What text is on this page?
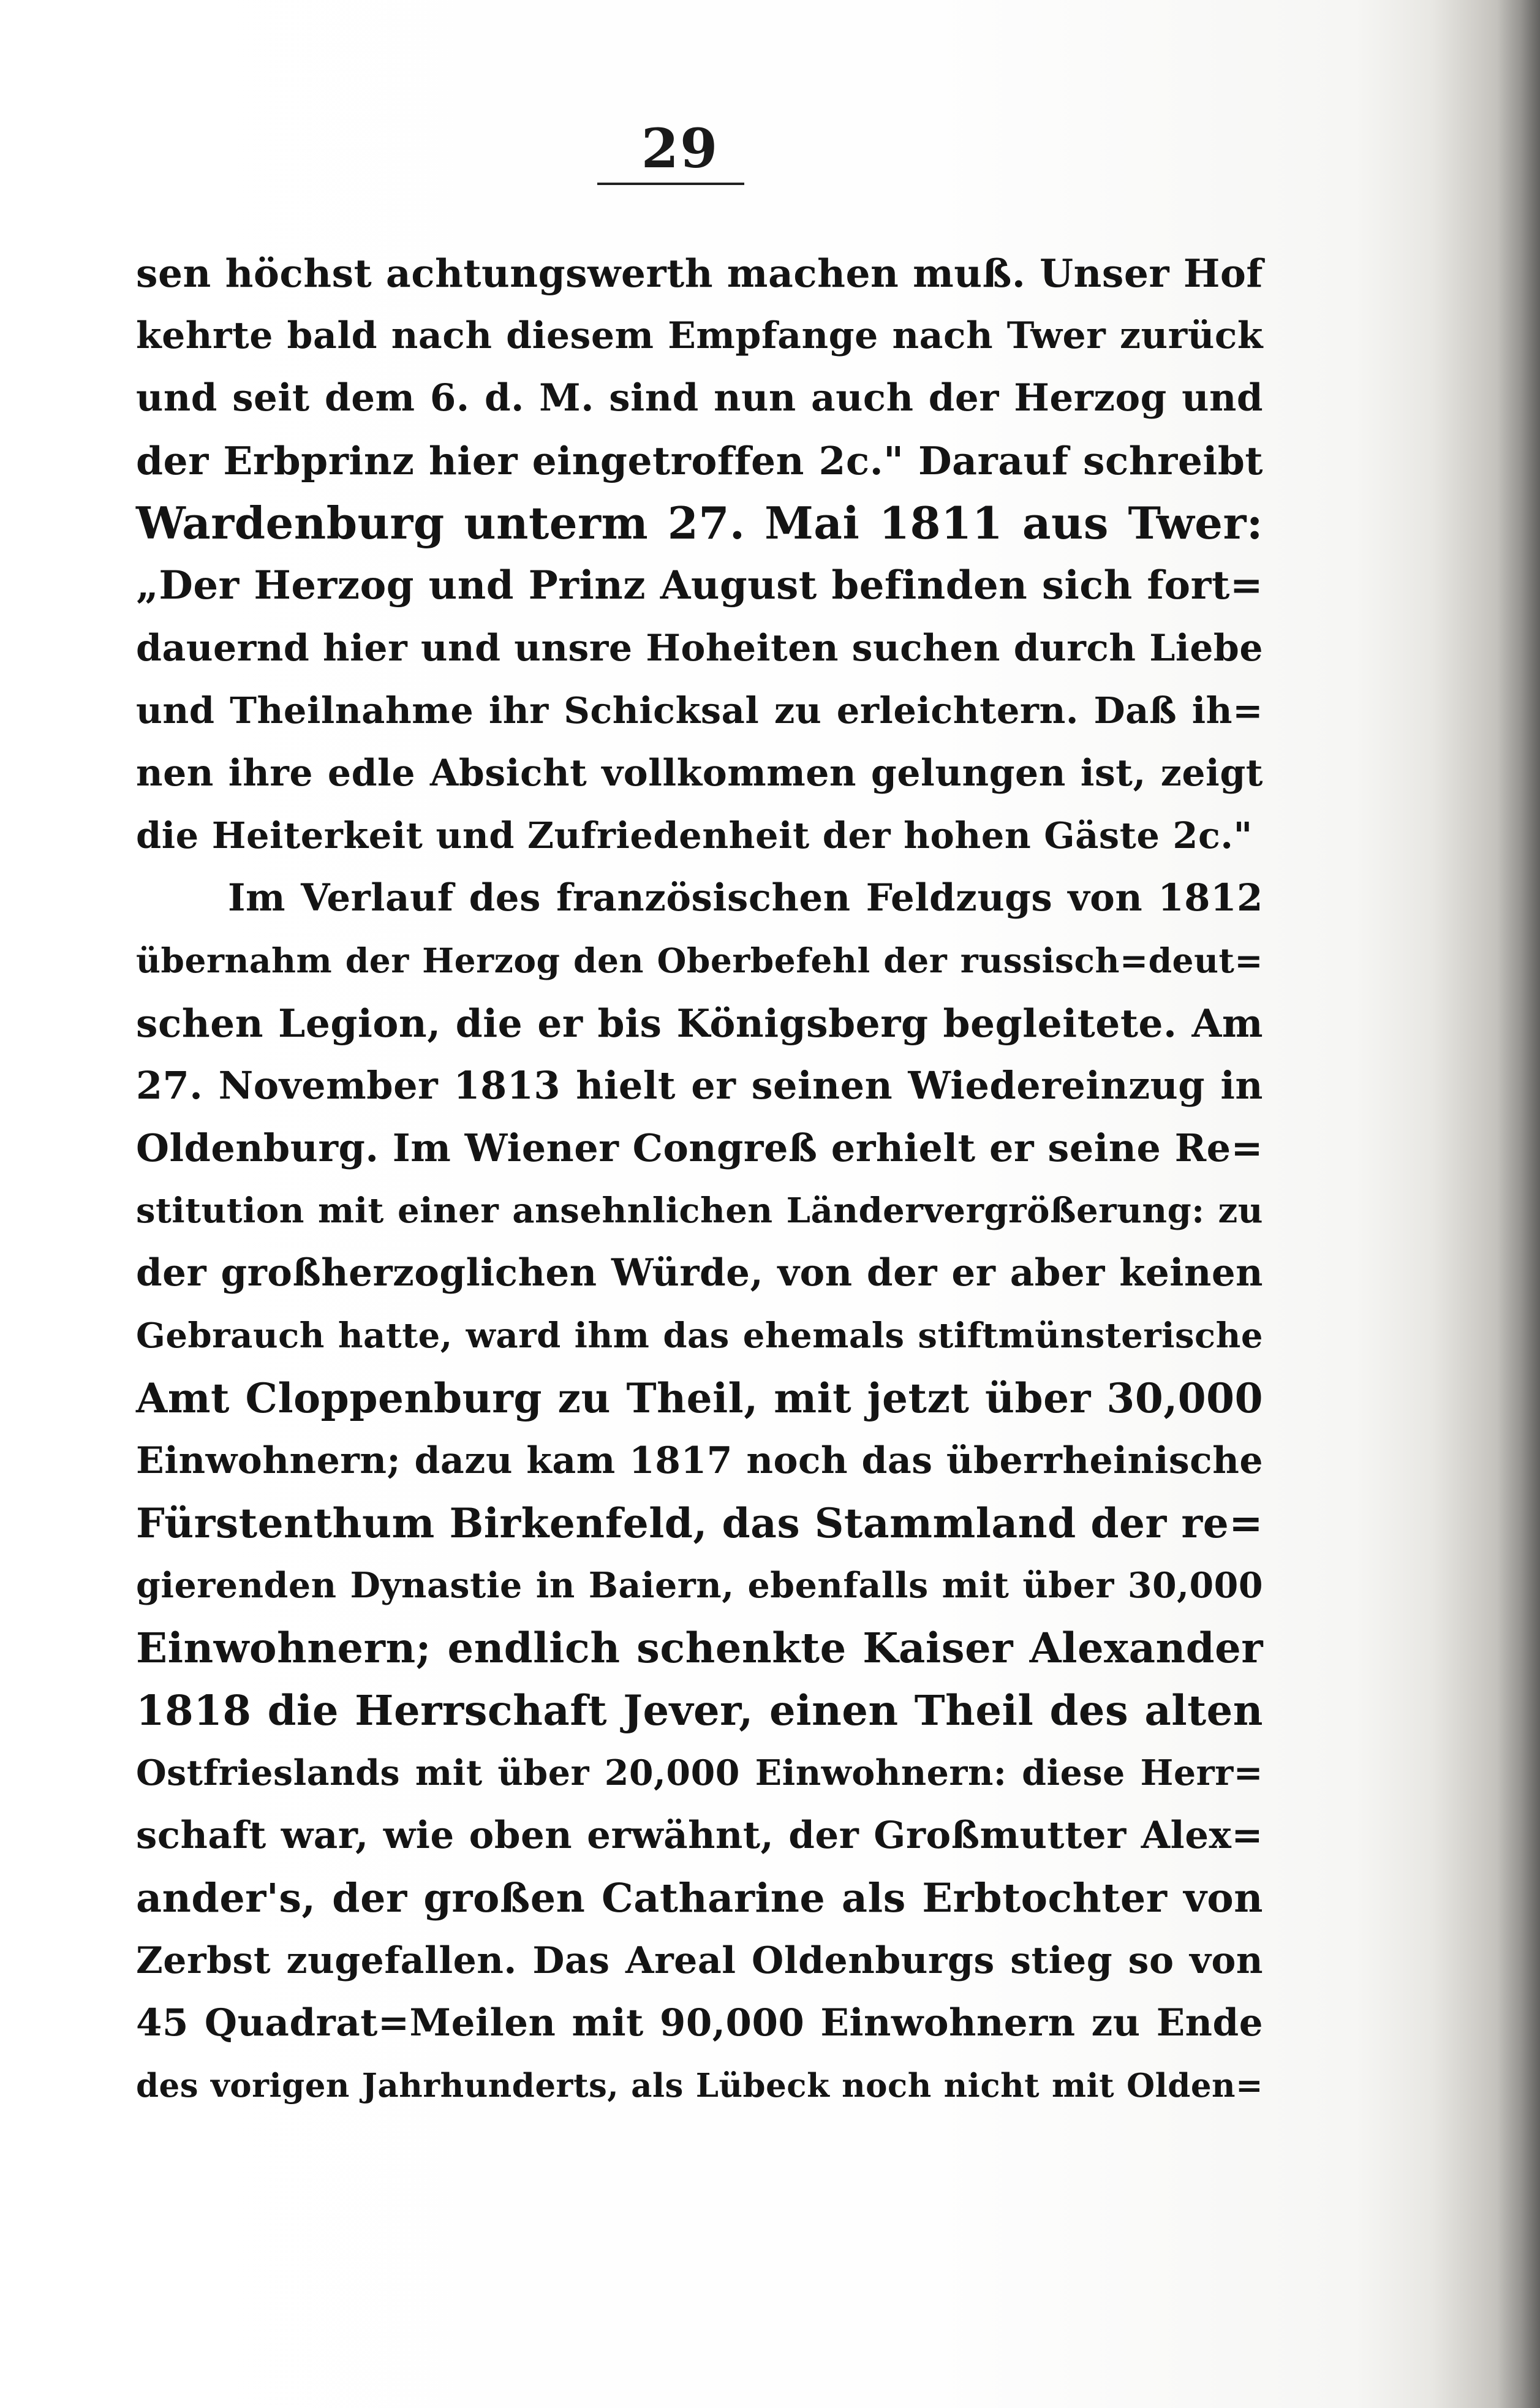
29
sen höchst achtungswerth machen muß. Unser Hof
kehrte bald nach diesem Empfange nach Twer zurück
und seit dem 6. d. M. sind nun auch der Herzog und
der Erbprinz hier eingetroffen 2c." Darauf schreibt
Wardenburg unterm 27. Mai 1811 aus Twer:
„Der Herzog und Prinz August befinden sich fort=
dauernd hier und unsre Hoheiten suchen durch Liebe
und Theilnahme ihr Schicksal zu erleichtern. Daß ih=
nen ihre edle Absicht vollkommen gelungen ist, zeigt
die Heiterkeit und Zufriedenheit der hohen Gäste 2c."
Im Verlauf des französischen Feldzugs von 1812
übernahm der Herzog den Oberbefehl der russisch=deut=
schen Legion, die er bis Königsberg begleitete. Am
27. November 1813 hielt er seinen Wiedereinzug in
Oldenburg. Im Wiener Congreß erhielt er seine Re=
stitution mit einer ansehnlichen Ländervergrößerung: zu
der großherzoglichen Würde, von der er aber keinen
Gebrauch hatte, ward ihm das ehemals stiftmünsterische
Amt Cloppenburg zu Theil, mit jetzt über 30,000
Einwohnern; dazu kam 1817 noch das überrheinische
Fürstenthum Birkenfeld, das Stammland der re=
gierenden Dynastie in Baiern, ebenfalls mit über 30,000
Einwohnern; endlich schenkte Kaiser Alexander
1818 die Herrschaft Jever, einen Theil des alten
Ostfrieslands mit über 20,000 Einwohnern: diese Herr=
schaft war, wie oben erwähnt, der Großmutter Alex=
ander's, der großen Catharine als Erbtochter von
Zerbst zugefallen. Das Areal Oldenburgs stieg so von
45 Quadrat=Meilen mit 90,000 Einwohnern zu Ende
des vorigen Jahrhunderts, als Lübeck noch nicht mit Olden=
